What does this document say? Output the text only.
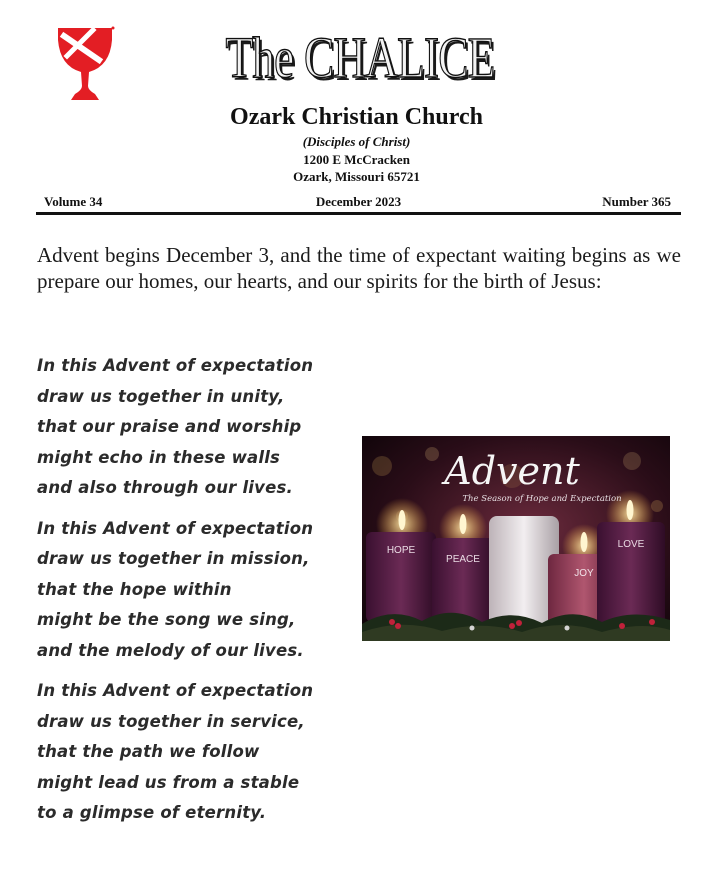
The CHALICE
Ozark Christian Church
(Disciples of Christ)
1200 E McCracken
Ozark, Missouri 65721
Volume 34	December 2023	Number 365
Advent begins December 3, and the time of expectant waiting begins as we prepare our homes, our hearts, and our spirits for the birth of Jesus:
In this Advent of expectation
draw us together in unity,
that our praise and worship
might echo in these walls
and also through our lives.
In this Advent of expectation
draw us together in mission,
that the hope within
might be the song we sing,
and the melody of our lives.
In this Advent of expectation
draw us together in service,
that the path we follow
might lead us from a stable
to a glimpse of eternity.
Advent
The Season of Hope and Expectation
HOPE
PEACE
JOY
LOVE
